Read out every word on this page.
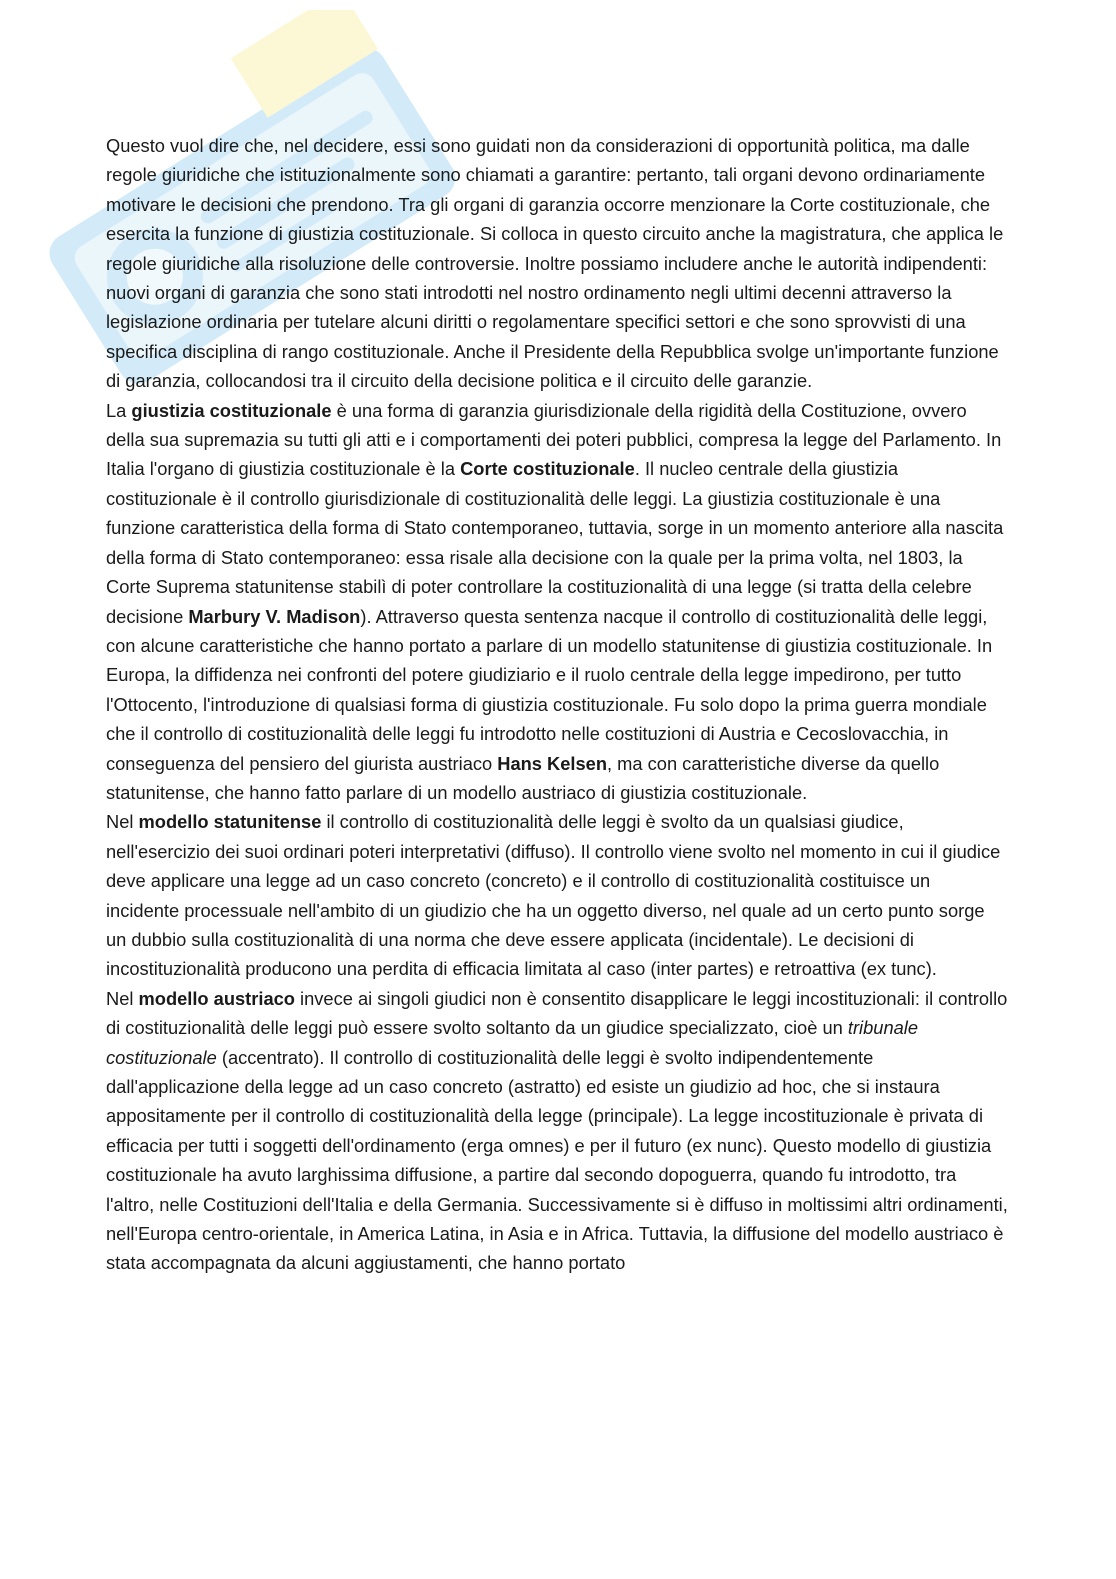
Questo vuol dire che, nel decidere, essi sono guidati non da considerazioni di opportunità politica, ma dalle regole giuridiche che istituzionalmente sono chiamati a garantire: pertanto, tali organi devono ordinariamente motivare le decisioni che prendono. Tra gli organi di garanzia occorre menzionare la Corte costituzionale, che esercita la funzione di giustizia costituzionale. Si colloca in questo circuito anche la magistratura, che applica le regole giuridiche alla risoluzione delle controversie. Inoltre possiamo includere anche le autorità indipendenti: nuovi organi di garanzia che sono stati introdotti nel nostro ordinamento negli ultimi decenni attraverso la legislazione ordinaria per tutelare alcuni diritti o regolamentare specifici settori e che sono sprovvisti di una specifica disciplina di rango costituzionale. Anche il Presidente della Repubblica svolge un'importante funzione di garanzia, collocandosi tra il circuito della decisione politica e il circuito delle garanzie.

La giustizia costituzionale è una forma di garanzia giurisdizionale della rigidità della Costituzione, ovvero della sua supremazia su tutti gli atti e i comportamenti dei poteri pubblici, compresa la legge del Parlamento. In Italia l'organo di giustizia costituzionale è la Corte costituzionale. Il nucleo centrale della giustizia costituzionale è il controllo giurisdizionale di costituzionalità delle leggi. La giustizia costituzionale è una funzione caratteristica della forma di Stato contemporaneo, tuttavia, sorge in un momento anteriore alla nascita della forma di Stato contemporaneo: essa risale alla decisione con la quale per la prima volta, nel 1803, la Corte Suprema statunitense stabilì di poter controllare la costituzionalità di una legge (si tratta della celebre decisione Marbury V. Madison). Attraverso questa sentenza nacque il controllo di costituzionalità delle leggi, con alcune caratteristiche che hanno portato a parlare di un modello statunitense di giustizia costituzionale. In Europa, la diffidenza nei confronti del potere giudiziario e il ruolo centrale della legge impedirono, per tutto l'Ottocento, l'introduzione di qualsiasi forma di giustizia costituzionale. Fu solo dopo la prima guerra mondiale che il controllo di costituzionalità delle leggi fu introdotto nelle costituzioni di Austria e Cecoslovacchia, in conseguenza del pensiero del giurista austriaco Hans Kelsen, ma con caratteristiche diverse da quello statunitense, che hanno fatto parlare di un modello austriaco di giustizia costituzionale.

Nel modello statunitense il controllo di costituzionalità delle leggi è svolto da un qualsiasi giudice, nell'esercizio dei suoi ordinari poteri interpretativi (diffuso). Il controllo viene svolto nel momento in cui il giudice deve applicare una legge ad un caso concreto (concreto) e il controllo di costituzionalità costituisce un incidente processuale nell'ambito di un giudizio che ha un oggetto diverso, nel quale ad un certo punto sorge un dubbio sulla costituzionalità di una norma che deve essere applicata (incidentale). Le decisioni di incostituzionalità producono una perdita di efficacia limitata al caso (inter partes) e retroattiva (ex tunc).

Nel modello austriaco invece ai singoli giudici non è consentito disapplicare le leggi incostituzionali: il controllo di costituzionalità delle leggi può essere svolto soltanto da un giudice specializzato, cioè un tribunale costituzionale (accentrato). Il controllo di costituzionalità delle leggi è svolto indipendentemente dall'applicazione della legge ad un caso concreto (astratto) ed esiste un giudizio ad hoc, che si instaura appositamente per il controllo di costituzionalità della legge (principale). La legge incostituzionale è privata di efficacia per tutti i soggetti dell'ordinamento (erga omnes) e per il futuro (ex nunc). Questo modello di giustizia costituzionale ha avuto larghissima diffusione, a partire dal secondo dopoguerra, quando fu introdotto, tra l'altro, nelle Costituzioni dell'Italia e della Germania. Successivamente si è diffuso in moltissimi altri ordinamenti, nell'Europa centro-orientale, in America Latina, in Asia e in Africa. Tuttavia, la diffusione del modello austriaco è stata accompagnata da alcuni aggiustamenti, che hanno portato
